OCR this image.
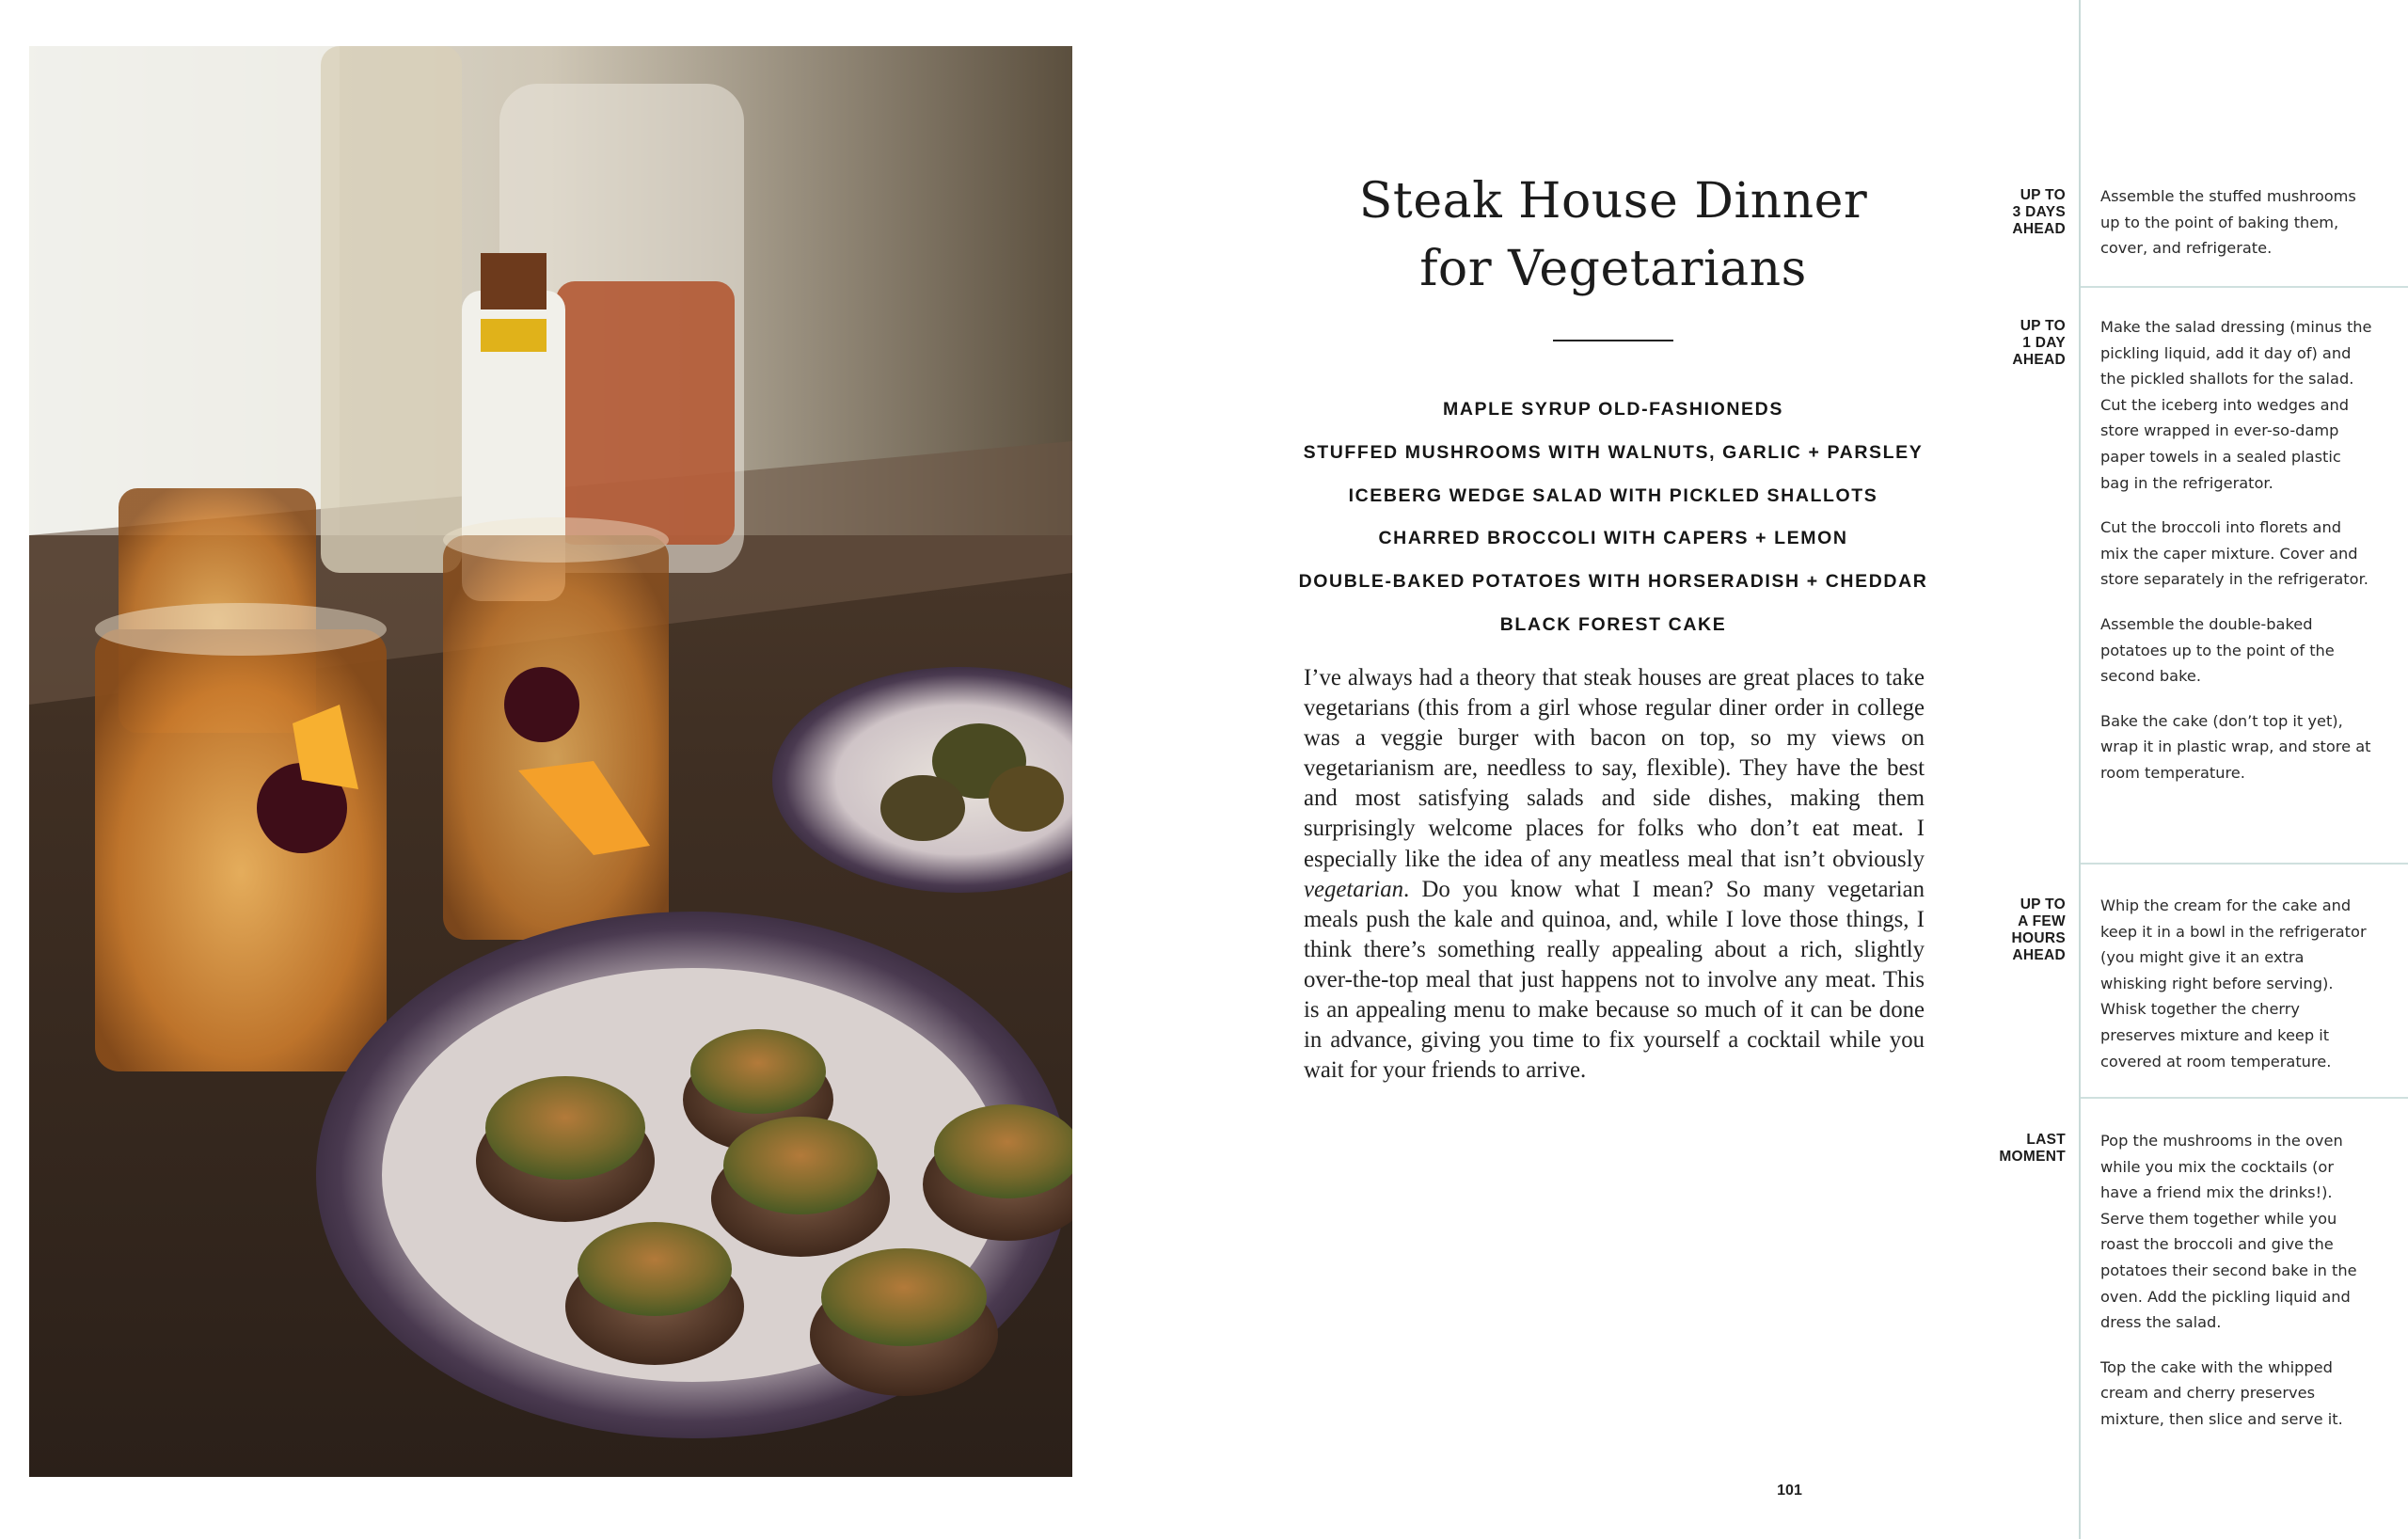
Steak House Dinner
for Vegetarians
MAPLE SYRUP OLD-FASHIONEDS
STUFFED MUSHROOMS WITH WALNUTS, GARLIC + PARSLEY
ICEBERG WEDGE SALAD WITH PICKLED SHALLOTS
CHARRED BROCCOLI WITH CAPERS + LEMON
DOUBLE-BAKED POTATOES WITH HORSERADISH + CHEDDAR
BLACK FOREST CAKE

I’ve always had a theory that steak houses are great places to take vegetarians (this from a girl whose regular diner order in college was a veggie burger with bacon on top, so my views on vegetarianism are, needless to say, flexible). They have the best and most satisfying salads and side dishes, making them surprisingly welcome places for folks who don’t eat meat. I especially like the idea of any meatless meal that isn’t obviously vegetarian. Do you know what I mean? So many vegetarian meals push the kale and quinoa, and, while I love those things, I think there’s something really appealing about a rich, slightly over-the-top meal that just happens not to involve any meat. This is an appealing menu to make because so much of it can be done in advance, giving you time to fix yourself a cocktail while you wait for your friends to arrive.

101
UP TO
3 DAYS
AHEAD

Assemble the stuffed mushrooms up to the point of baking them, cover, and refrigerate.

UP TO
1 DAY
AHEAD

Make the salad dressing (minus the pickling liquid, add it day of) and the pickled shallots for the salad. Cut the iceberg into wedges and store wrapped in ever-so-damp paper towels in a sealed plastic bag in the refrigerator.

Cut the broccoli into florets and mix the caper mixture. Cover and store separately in the refrigerator.

Assemble the double-baked potatoes up to the point of the second bake.

Bake the cake (don’t top it yet), wrap it in plastic wrap, and store at room temperature.

UP TO
A FEW
HOURS
AHEAD

Whip the cream for the cake and keep it in a bowl in the refrigerator (you might give it an extra whisking right before serving). Whisk together the cherry preserves mixture and keep it covered at room temperature.

LAST
MOMENT

Pop the mushrooms in the oven while you mix the cocktails (or have a friend mix the drinks!). Serve them together while you roast the broccoli and give the potatoes their second bake in the oven. Add the pickling liquid and dress the salad.

Top the cake with the whipped cream and cherry preserves mixture, then slice and serve it.
